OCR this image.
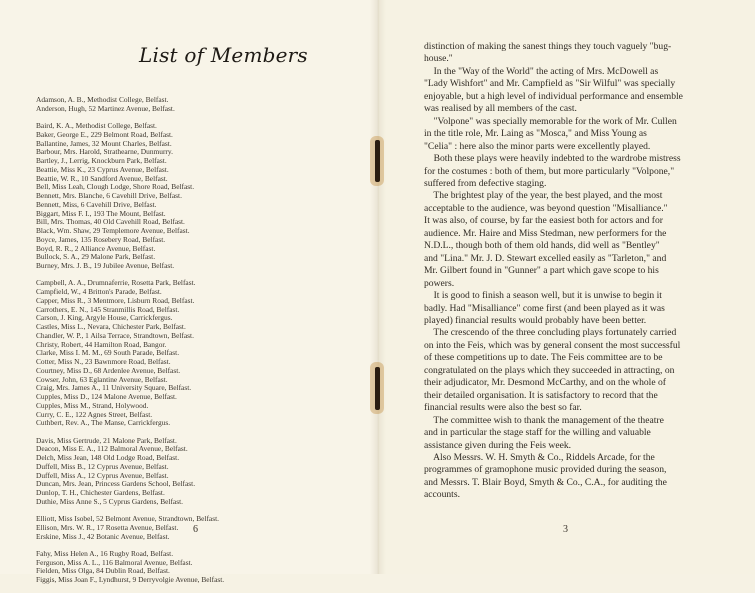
List of Members
Adamson, A. B., Methodist College, Belfast.
Anderson, Hugh, 52 Martinez Avenue, Belfast.
Baird, K. A., Methodist College, Belfast.
Baker, George E., 229 Belmont Road, Belfast.
Ballantine, James, 32 Mount Charles, Belfast.
Barbour, Mrs. Harold, Strathearne, Dunmurry.
Bartley, J., Lerrig, Knockburn Park, Belfast.
Beattie, Miss K., 23 Cyprus Avenue, Belfast.
Beattie, W. R., 10 Sandford Avenue, Belfast.
Bell, Miss Leah, Clough Lodge, Shore Road, Belfast.
Bennett, Mrs. Blanche, 6 Cavehill Drive, Belfast.
Bennett, Miss, 6 Cavehill Drive, Belfast.
Biggart, Miss F. I., 193 The Mount, Belfast.
Bill, Mrs. Thomas, 40 Old Cavehill Road, Belfast.
Black, Wm. Shaw, 29 Templemore Avenue, Belfast.
Boyce, James, 135 Rosebery Road, Belfast.
Boyd, R. R., 2 Alliance Avenue, Belfast.
Bullock, S. A., 29 Malone Park, Belfast.
Burney, Mrs. J. B., 19 Jubilee Avenue, Belfast.
Campbell, A. A., Drumnaferrie, Rosetta Park, Belfast.
Campfield, W., 4 Britton's Parade, Belfast.
Capper, Miss R., 3 Mentmore, Lisburn Road, Belfast.
Carrothers, E. N., 145 Stranmillis Road, Belfast.
Carson, J. King, Argyle House, Carrickfergus.
Castles, Miss L., Nevara, Chichester Park, Belfast.
Chandler, W. P., 1 Ailsa Terrace, Strandtown, Belfast.
Christy, Robert, 44 Hamilton Road, Bangor.
Clarke, Miss I. M. M., 69 South Parade, Belfast.
Cotter, Miss N., 23 Bawnmore Road, Belfast.
Courtney, Miss D., 68 Ardenlee Avenue, Belfast.
Cowser, John, 63 Eglantine Avenue, Belfast.
Craig, Mrs. James A., 11 University Square, Belfast.
Cupples, Miss D., 124 Malone Avenue, Belfast.
Cupples, Miss M., Strand, Holywood.
Curry, C. E., 122 Agnes Street, Belfast.
Cuthbert, Rev. A., The Manse, Carrickfergus.
Davis, Miss Gertrude, 21 Malone Park, Belfast.
Deacon, Miss E. A., 112 Balmoral Avenue, Belfast.
Delch, Miss Jean, 148 Old Lodge Road, Belfast.
Duffell, Miss B., 12 Cyprus Avenue, Belfast.
Duffell, Miss A., 12 Cyprus Avenue, Belfast.
Duncan, Mrs. Jean, Princess Gardens School, Belfast.
Dunlop, T. H., Chichester Gardens, Belfast.
Duthie, Miss Anne S., 5 Cyprus Gardens, Belfast.
Elliott, Miss Isobel, 52 Belmont Avenue, Strandtown, Belfast.
Ellison, Mrs. W. R., 17 Rosetta Avenue, Belfast.
Erskine, Miss J., 42 Botanic Avenue, Belfast.
Fahy, Miss Helen A., 16 Rugby Road, Belfast.
Ferguson, Miss A. L., 116 Balmoral Avenue, Belfast.
Fielden, Miss Olga, 84 Dublin Road, Belfast.
Figgis, Miss Joan F., Lyndhurst, 9 Derryvolgie Avenue, Belfast.
6
distinction of making the sanest things they touch vaguely "bug-
house."
In the "Way of the World" the acting of Mrs. McDowell as
"Lady Wishfort" and Mr. Campfield as "Sir Wilful" was specially
enjoyable, but a high level of individual performance and ensemble
was realised by all members of the cast.
"Volpone" was specially memorable for the work of Mr. Cullen
in the title role, Mr. Laing as "Mosca," and Miss Young as
"Celia" : here also the minor parts were excellently played.
Both these plays were heavily indebted to the wardrobe mistress
for the costumes : both of them, but more particularly "Volpone,"
suffered from defective staging.
The brightest play of the year, the best played, and the most
acceptable to the audience, was beyond question "Misalliance."
It was also, of course, by far the easiest both for actors and for
audience. Mr. Haire and Miss Stedman, new performers for the
N.D.L., though both of them old hands, did well as "Bentley"
and "Lina." Mr. J. D. Stewart excelled easily as "Tarleton," and
Mr. Gilbert found in "Gunner" a part which gave scope to his
powers.
It is good to finish a season well, but it is unwise to begin it
badly. Had "Misalliance" come first (and been played as it was
played) financial results would probably have been better.
The crescendo of the three concluding plays fortunately carried
on into the Feis, which was by general consent the most successful
of these competitions up to date. The Feis committee are to be
congratulated on the plays which they succeeded in attracting, on
their adjudicator, Mr. Desmond McCarthy, and on the whole of
their detailed organisation. It is satisfactory to record that the
financial results were also the best so far.
The committee wish to thank the management of the theatre
and in particular the stage staff for the willing and valuable
assistance given during the Feis week.
Also Messrs. W. H. Smyth & Co., Riddels Arcade, for the
programmes of gramophone music provided during the season,
and Messrs. T. Blair Boyd, Smyth & Co., C.A., for auditing the
accounts.
3
